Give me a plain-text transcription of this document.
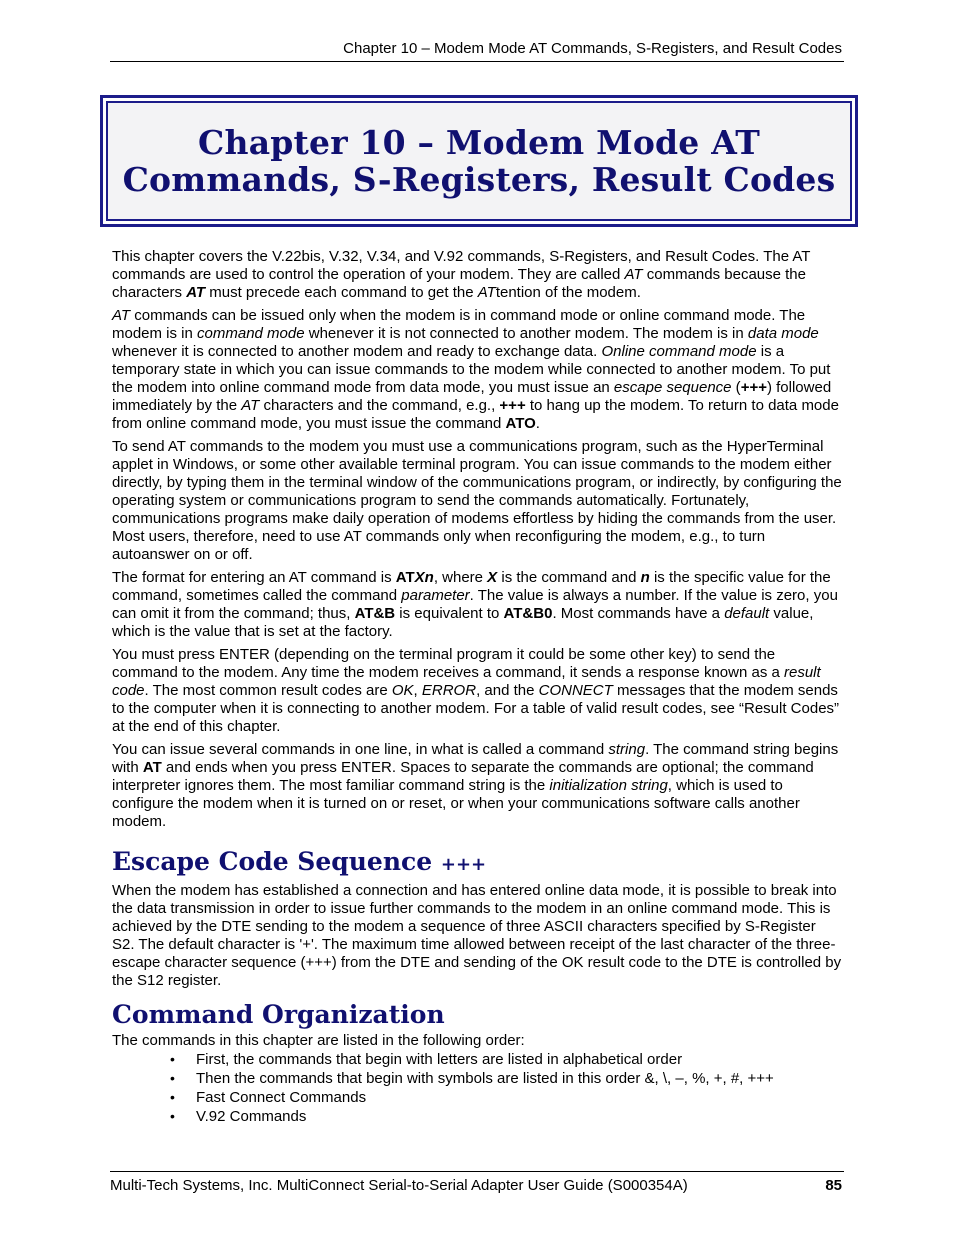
Chapter 10 – Modem Mode AT Commands, S-Registers, and Result Codes
Chapter 10 – Modem Mode AT Commands, S-Registers, Result Codes

This chapter covers the V.22bis, V.32, V.34, and V.92 commands, S-Registers, and Result Codes. The AT commands are used to control the operation of your modem. They are called AT commands because the characters AT must precede each command to get the ATtention of the modem.

AT commands can be issued only when the modem is in command mode or online command mode. The modem is in command mode whenever it is not connected to another modem. The modem is in data mode whenever it is connected to another modem and ready to exchange data. Online command mode is a temporary state in which you can issue commands to the modem while connected to another modem. To put the modem into online command mode from data mode, you must issue an escape sequence (+++) followed immediately by the AT characters and the command, e.g., +++ to hang up the modem. To return to data mode from online command mode, you must issue the command ATO.

To send AT commands to the modem you must use a communications program, such as the HyperTerminal applet in Windows, or some other available terminal program. You can issue commands to the modem either directly, by typing them in the terminal window of the communications program, or indirectly, by configuring the operating system or communications program to send the commands automatically. Fortunately, communications programs make daily operation of modems effortless by hiding the commands from the user. Most users, therefore, need to use AT commands only when reconfiguring the modem, e.g., to turn autoanswer on or off.

The format for entering an AT command is ATXn, where X is the command and n is the specific value for the command, sometimes called the command parameter. The value is always a number. If the value is zero, you can omit it from the command; thus, AT&B is equivalent to AT&B0. Most commands have a default value, which is the value that is set at the factory.

You must press ENTER (depending on the terminal program it could be some other key) to send the command to the modem. Any time the modem receives a command, it sends a response known as a result code. The most common result codes are OK, ERROR, and the CONNECT messages that the modem sends to the computer when it is connecting to another modem. For a table of valid result codes, see “Result Codes” at the end of this chapter.

You can issue several commands in one line, in what is called a command string. The command string begins with AT and ends when you press ENTER. Spaces to separate the commands are optional; the command interpreter ignores them. The most familiar command string is the initialization string, which is used to configure the modem when it is turned on or reset, or when your communications software calls another modem.

Escape Code Sequence +++

When the modem has established a connection and has entered online data mode, it is possible to break into the data transmission in order to issue further commands to the modem in an online command mode. This is achieved by the DTE sending to the modem a sequence of three ASCII characters specified by S-Register S2. The default character is '+'. The maximum time allowed between receipt of the last character of the three-escape character sequence (+++) from the DTE and sending of the OK result code to the DTE is controlled by the S12 register.

Command Organization

The commands in this chapter are listed in the following order:

• First, the commands that begin with letters are listed in alphabetical order
• Then the commands that begin with symbols are listed in this order &, \, –, %, +, #, +++
• Fast Connect Commands
• V.92 Commands
Multi-Tech Systems, Inc. MultiConnect Serial-to-Serial Adapter User Guide (S000354A)	85
